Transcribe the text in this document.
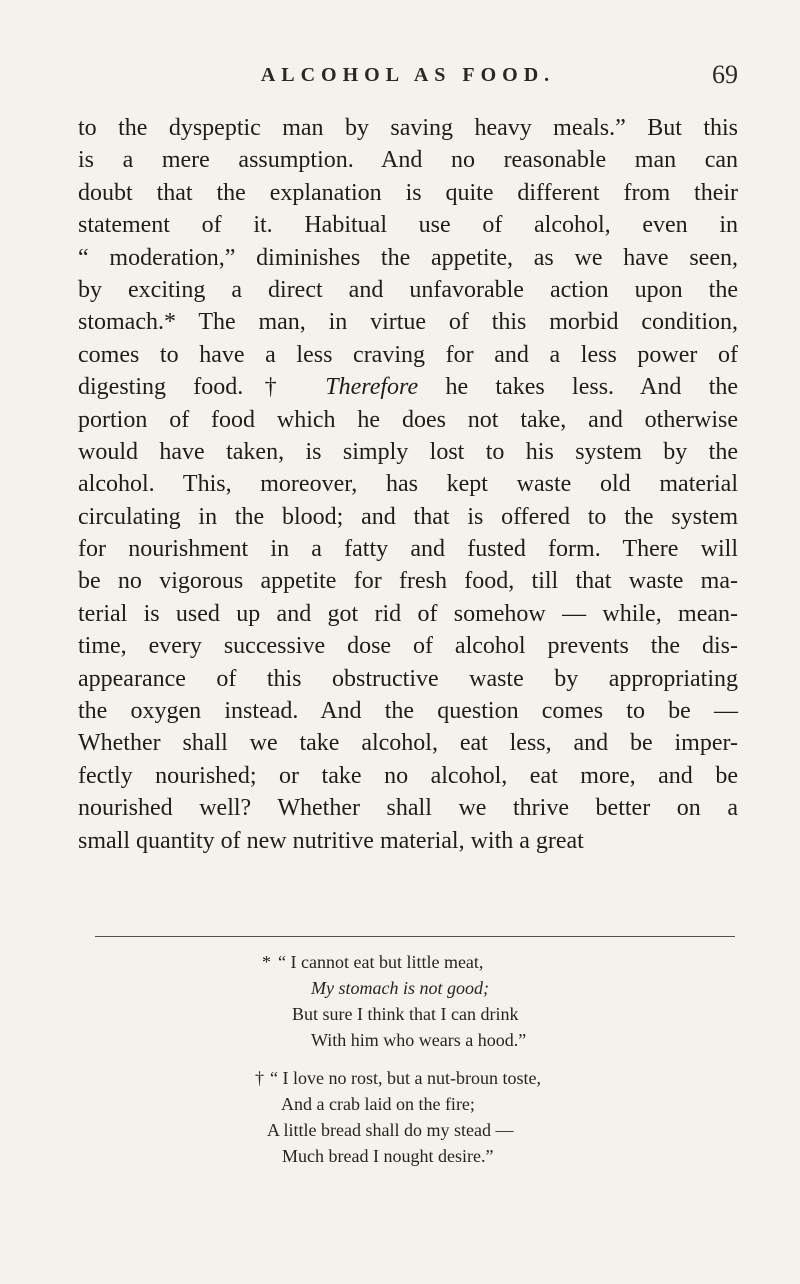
ALCOHOL AS FOOD.	69
to the dyspeptic man by saving heavy meals.” But this
is a mere assumption. And no reasonable man can
doubt that the explanation is quite different from their
statement of it. Habitual use of alcohol, even in
“ moderation,” diminishes the appetite, as we have seen,
by exciting a direct and unfavorable action upon the
stomach.* The man, in virtue of this morbid condition,
comes to have a less craving for and a less power of
digesting food.† Therefore he takes less. And the
portion of food which he does not take, and otherwise
would have taken, is simply lost to his system by the
alcohol. This, moreover, has kept waste old material
circulating in the blood; and that is offered to the system
for nourishment in a fatty and fusted form. There will
be no vigorous appetite for fresh food, till that waste ma-
terial is used up and got rid of somehow — while, mean-
time, every successive dose of alcohol prevents the dis-
appearance of this obstructive waste by appropriating
the oxygen instead. And the question comes to be —
Whether shall we take alcohol, eat less, and be imper-
fectly nourished; or take no alcohol, eat more, and be
nourished well? Whether shall we thrive better on a
small quantity of new nutritive material, with a great
* “ I cannot eat but little meat,
My stomach is not good;
But sure I think that I can drink
With him who wears a hood.”
† “ I love no rost, but a nut-broun toste,
And a crab laid on the fire;
A little bread shall do my stead —
Much bread I nought desire.”
